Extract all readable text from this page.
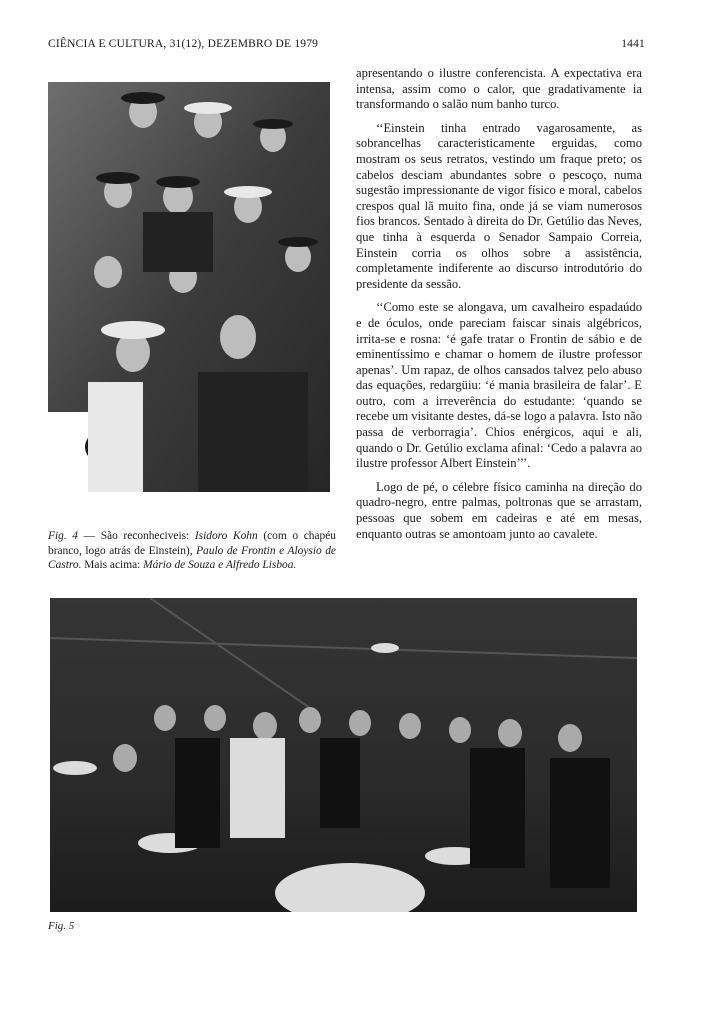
CIÊNCIA E CULTURA, 31(12), DEZEMBRO DE 1979	1441
Fig. 4 — São reconheciveis: Isidoro Kohn (com o chapéu branco, logo atrás de Einstein), Paulo de Frontin e Aloysio de Castro. Mais acima: Mário de Souza e Alfredo Lisboa.

apresentando o ilustre conferencista. A expectativa era intensa, assim como o calor, que gradativamente ia transformando o salão num banho turco.

‘‘Einstein tinha entrado vagarosamente, as sobrancelhas caracteristicamente erguidas, como mostram os seus retratos, vestindo um fraque preto; os cabelos desciam abundantes sobre o pescoço, numa sugestão impressionante de vigor físico e moral, cabelos crespos qual lã muito fina, onde já se viam numerosos fios brancos. Sentado à direita do Dr. Getúlio das Neves, que tinha à esquerda o Senador Sampaio Correia, Einstein corria os olhos sobre a assistência, completamente indiferente ao discurso introdutório do presidente da sessão.

‘‘Como este se alongava, um cavalheiro espadaúdo e de óculos, onde pareciam faiscar sinais algébricos, irrita-se e rosna: ‘é gafe tratar o Frontin de sábio e de eminentíssimo e chamar o homem de ilustre professor apenas’. Um rapaz, de olhos cansados talvez pelo abuso das equações, redargüiu: ‘é mania brasileira de falar’. E outro, com a irreverência do estudante: ‘quando se recebe um visitante destes, dá-se logo a palavra. Isto não passa de verborragia’. Chios enérgicos, aqui e ali, quando o Dr. Getúlio exclama afinal: ‘Cedo a palavra ao ilustre professor Albert Einstein’’’.

Logo de pé, o célebre físico caminha na direção do quadro-negro, entre palmas, poltronas que se arrastam, pessoas que sobem em cadeiras e até em mesas, enquanto outras se amontoam junto ao cavalete.

Fig. 5
